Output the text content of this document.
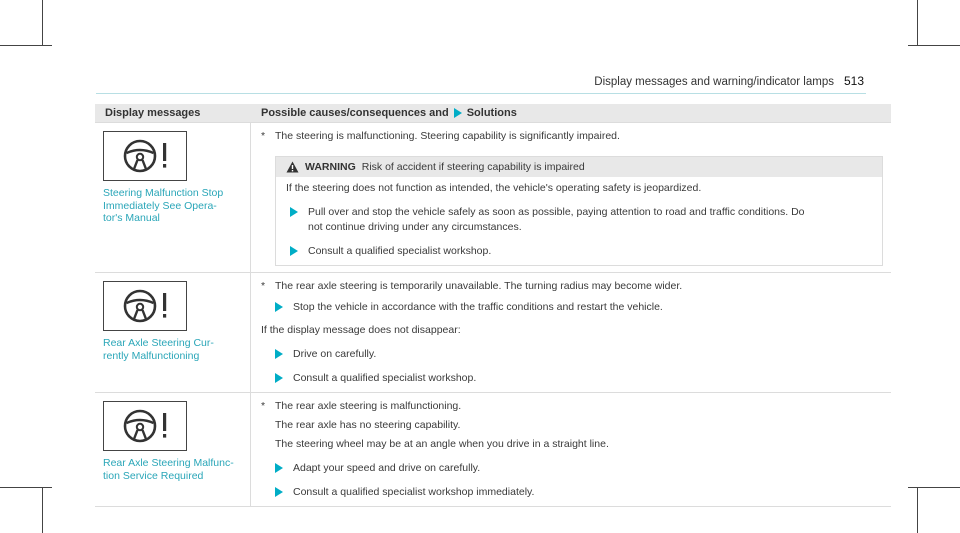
Display messages and warning/indicator lamps 513
Display messages	Possible causes/consequences and Solutions
Steering Malfunction Stop
Immediately See Opera-
tor's Manual
* The steering is malfunctioning. Steering capability is significantly impaired.
WARNING Risk of accident if steering capability is impaired
If the steering does not function as intended, the vehicle's operating safety is jeopardized.
Pull over and stop the vehicle safely as soon as possible, paying attention to road and traffic conditions. Do
not continue driving under any circumstances.
Consult a qualified specialist workshop.
Rear Axle Steering Cur-
rently Malfunctioning
* The rear axle steering is temporarily unavailable. The turning radius may become wider.
Stop the vehicle in accordance with the traffic conditions and restart the vehicle.
If the display message does not disappear:
Drive on carefully.
Consult a qualified specialist workshop.
Rear Axle Steering Malfunc-
tion Service Required
* The rear axle steering is malfunctioning.
The rear axle has no steering capability.
The steering wheel may be at an angle when you drive in a straight line.
Adapt your speed and drive on carefully.
Consult a qualified specialist workshop immediately.
